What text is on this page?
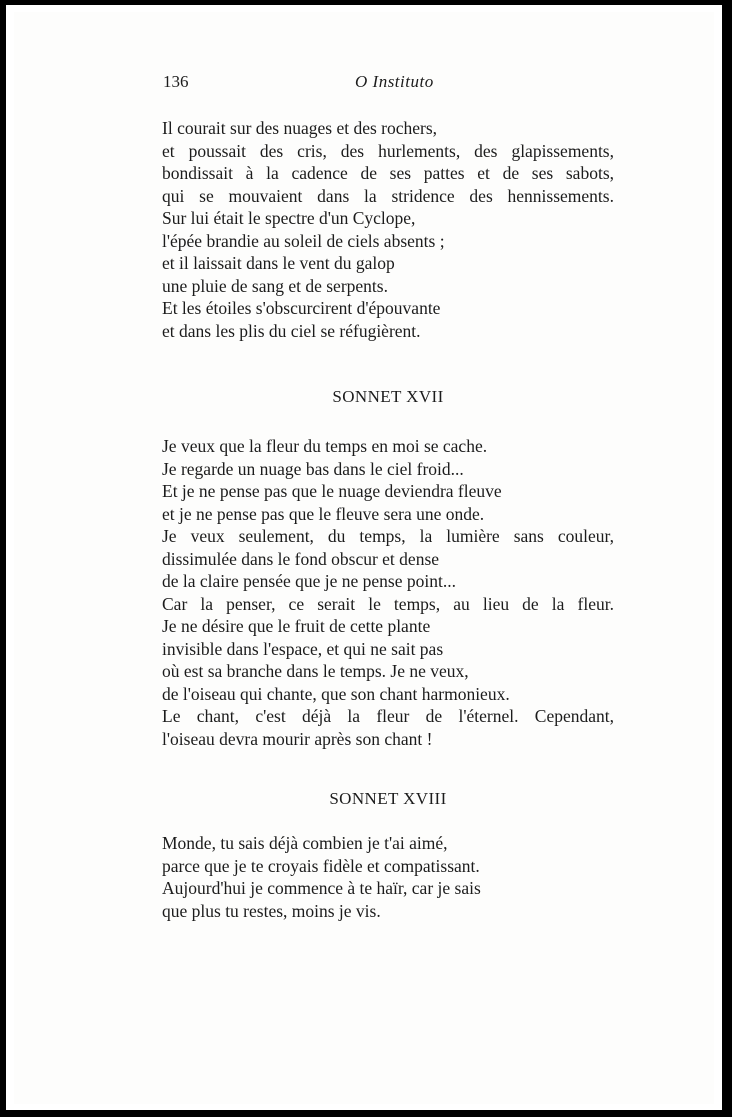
136	O Instituto
Il courait sur des nuages et des rochers,
et poussait des cris, des hurlements, des glapissements,
bondissait à la cadence de ses pattes et de ses sabots,
qui se mouvaient dans la stridence des hennissements.
Sur lui était le spectre d'un Cyclope,
l'épée brandie au soleil de ciels absents ;
et il laissait dans le vent du galop
une pluie de sang et de serpents.
Et les étoiles s'obscurcirent d'épouvante
et dans les plis du ciel se réfugièrent.
SONNET XVII
Je veux que la fleur du temps en moi se cache.
Je regarde un nuage bas dans le ciel froid...
Et je ne pense pas que le nuage deviendra fleuve
et je ne pense pas que le fleuve sera une onde.
Je veux seulement, du temps, la lumière sans couleur,
dissimulée dans le fond obscur et dense
de la claire pensée que je ne pense point...
Car la penser, ce serait le temps, au lieu de la fleur.
Je ne désire que le fruit de cette plante
invisible dans l'espace, et qui ne sait pas
où est sa branche dans le temps. Je ne veux,
de l'oiseau qui chante, que son chant harmonieux.
Le chant, c'est déjà la fleur de l'éternel. Cependant,
l'oiseau devra mourir après son chant !
SONNET XVIII
Monde, tu sais déjà combien je t'ai aimé,
parce que je te croyais fidèle et compatissant.
Aujourd'hui je commence à te haïr, car je sais
que plus tu restes, moins je vis.
